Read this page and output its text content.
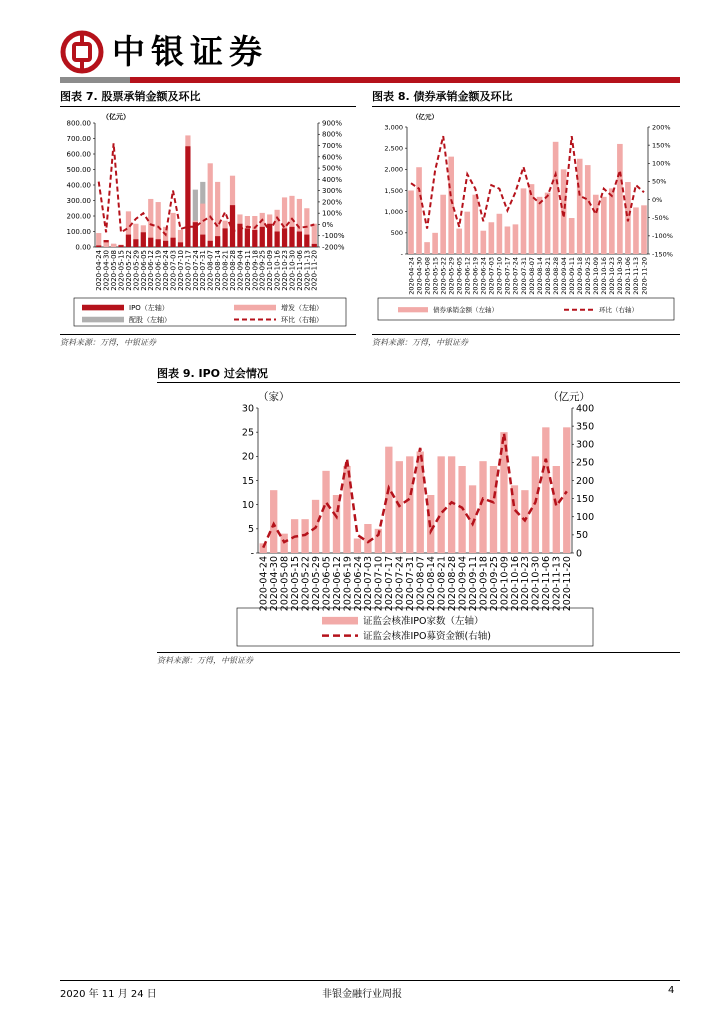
中银证券
图表 7. 股票承销金额及环比
（亿元）
800.00
700.00
600.00
500.00
400.00
300.00
200.00
100.00
0.00
900%
800%
700%
600%
500%
400%
300%
200%
100%
0%
-100%
-200%
2020-04-24 2020-04-30 2020-05-08 2020-05-15 2020-05-22 2020-05-29 2020-06-05 2020-06-12 2020-06-19 2020-06-24 2020-07-03 2020-07-10 2020-07-17 2020-07-24 2020-07-31 2020-08-07 2020-08-14 2020-08-21 2020-08-28 2020-09-04 2020-09-11 2020-09-18 2020-09-25 2020-10-09 2020-10-16 2020-10-23 2020-10-30 2020-11-06 2020-11-13 2020-11-20
IPO（左轴）	增发（左轴）
配股（左轴）	环比（右轴）
资料来源：万得，中银证券
图表 8. 债券承销金额及环比
（亿元）
3,000
2,500
2,000
1,500
1,000
500
-
200%
150%
100%
50%
0%
-50%
-100%
-150%
2020-04-24 2020-04-30 2020-05-08 2020-05-15 2020-05-22 2020-05-29 2020-06-05 2020-06-12 2020-06-19 2020-06-24 2020-07-03 2020-07-10 2020-07-17 2020-07-24 2020-07-31 2020-08-07 2020-08-14 2020-08-21 2020-08-28 2020-09-04 2020-09-11 2020-09-18 2020-09-25 2020-10-09 2020-10-16 2020-10-23 2020-10-30 2020-11-06 2020-11-13 2020-11-20
债券承销金额（左轴）	环比（右轴）
资料来源：万得，中银证券
图表 9. IPO 过会情况
（家）	（亿元）
30
25
20
15
10
5
-
400
350
300
250
200
150
100
50
0
2020-04-24 2020-04-30 2020-05-08 2020-05-15 2020-05-22 2020-05-29 2020-06-05 2020-06-12 2020-06-19 2020-06-24 2020-07-03 2020-07-10 2020-07-17 2020-07-24 2020-07-31 2020-08-07 2020-08-14 2020-08-21 2020-08-28 2020-09-04 2020-09-11 2020-09-18 2020-09-25 2020-10-09 2020-10-16 2020-10-23 2020-10-30 2020-11-06 2020-11-13 2020-11-20
证监会核准IPO家数（左轴）
证监会核准IPO募资金额(右轴)
资料来源：万得，中银证券
2020 年 11 月 24 日	非银金融行业周报	4
